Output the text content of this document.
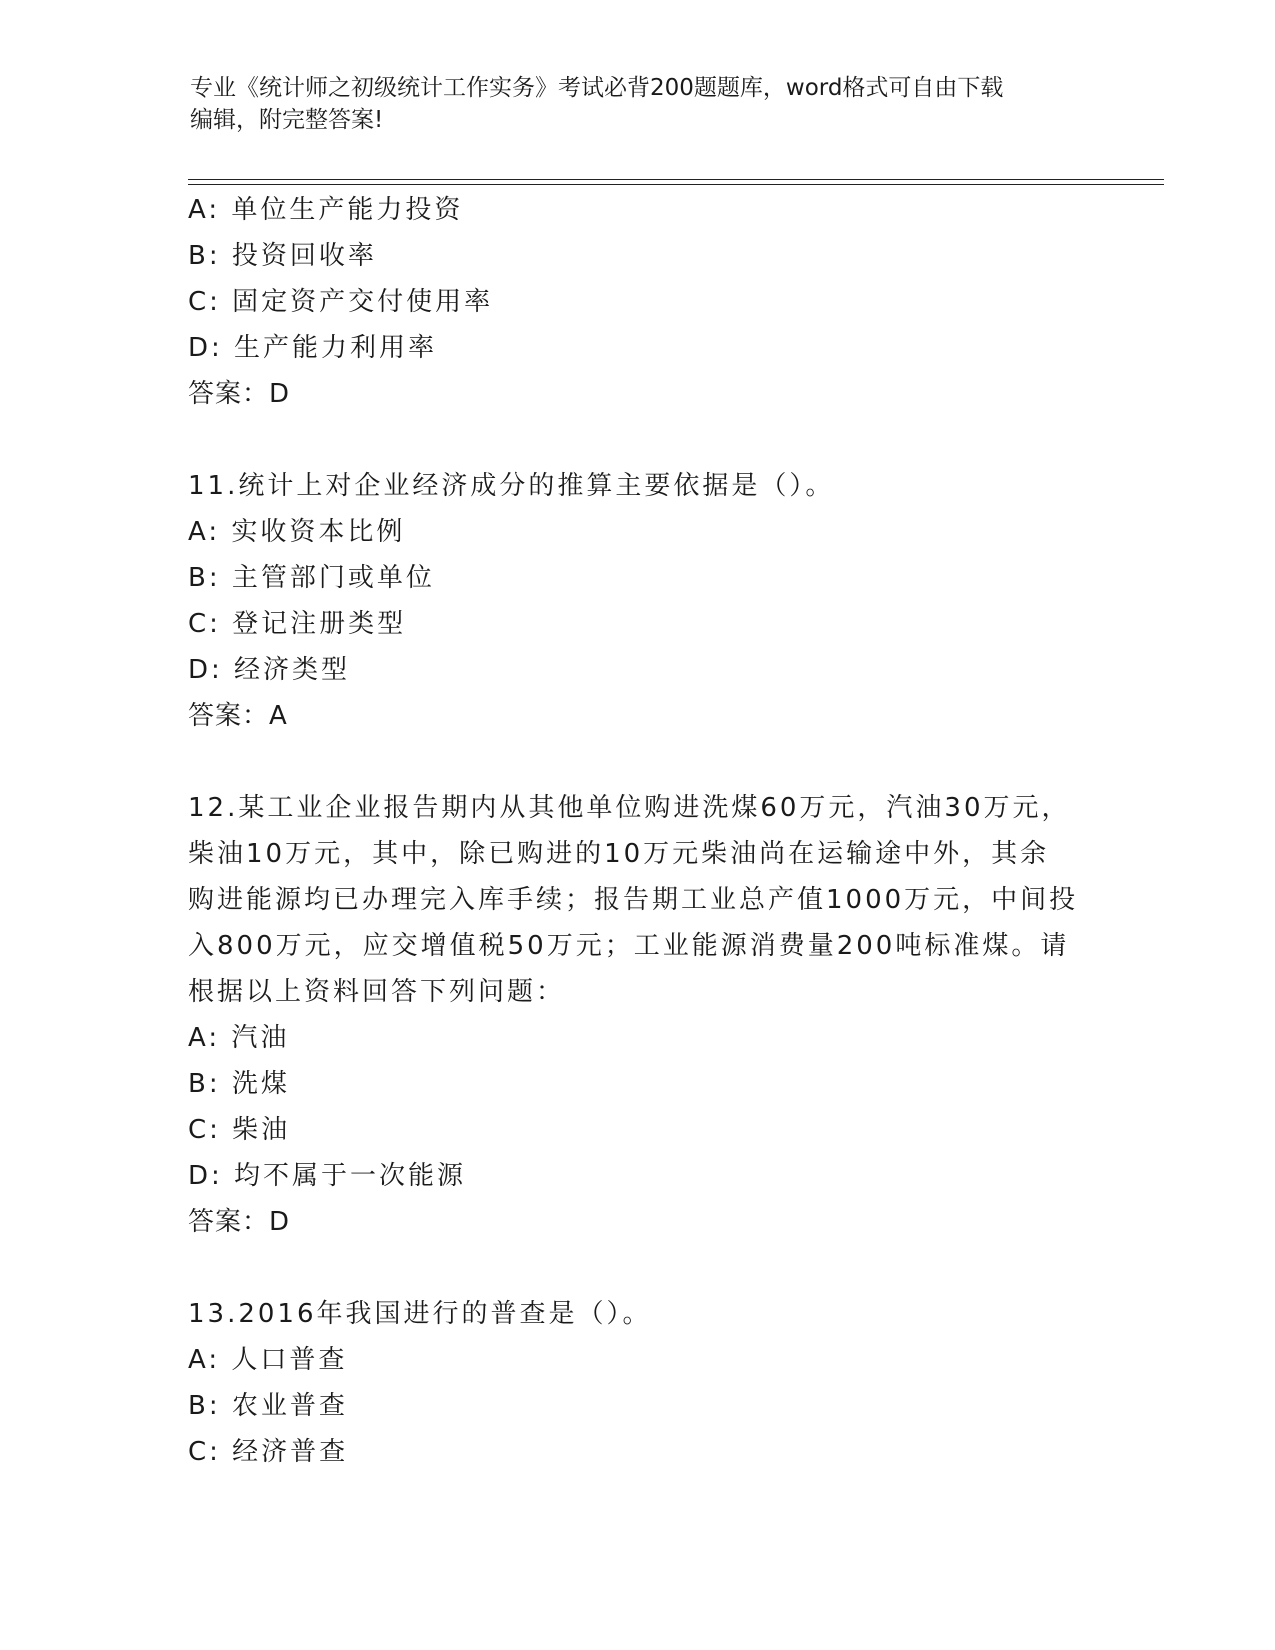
专业《统计师之初级统计工作实务》考试必背200题题库，word格式可自由下载
编辑，附完整答案!
A: 单位生产能力投资
B: 投资回收率
C: 固定资产交付使用率
D: 生产能力利用率
答案：D
11.统计上对企业经济成分的推算主要依据是（）。
A: 实收资本比例
B: 主管部门或单位
C: 登记注册类型
D: 经济类型
答案：A
12.某工业企业报告期内从其他单位购进洗煤60万元，汽油30万元，
柴油10万元，其中，除已购进的10万元柴油尚在运输途中外，其余
购进能源均已办理完入库手续；报告期工业总产值1000万元，中间投
入800万元，应交增值税50万元；工业能源消费量200吨标准煤。请
根据以上资料回答下列问题：
A: 汽油
B: 洗煤
C: 柴油
D: 均不属于一次能源
答案：D
13.2016年我国进行的普查是（）。
A: 人口普查
B: 农业普查
C: 经济普查
